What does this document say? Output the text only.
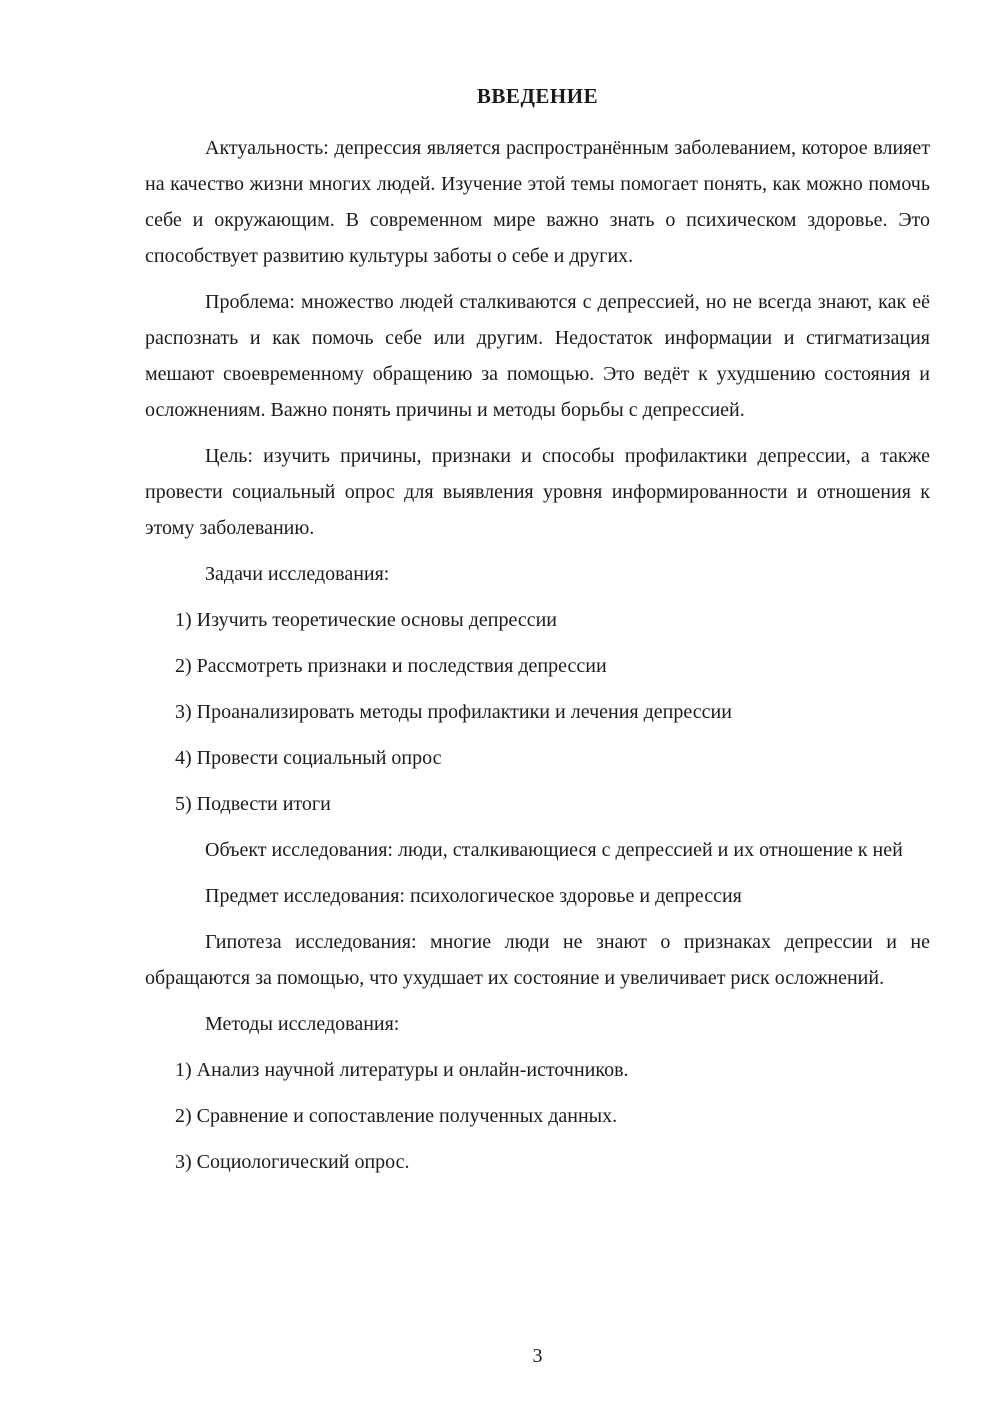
ВВЕДЕНИЕ

Актуальность: депрессия является распространённым заболеванием, которое влияет на качество жизни многих людей. Изучение этой темы помогает понять, как можно помочь себе и окружающим. В современном мире важно знать о психическом здоровье. Это способствует развитию культуры заботы о себе и других.

Проблема: множество людей сталкиваются с депрессией, но не всегда знают, как её распознать и как помочь себе или другим. Недостаток информации и стигматизация мешают своевременному обращению за помощью. Это ведёт к ухудшению состояния и осложнениям. Важно понять причины и методы борьбы с депрессией.

Цель: изучить причины, признаки и способы профилактики депрессии, а также провести социальный опрос для выявления уровня информированности и отношения к этому заболеванию.

Задачи исследования:

1) Изучить теоретические основы депрессии

2) Рассмотреть признаки и последствия депрессии

3) Проанализировать методы профилактики и лечения депрессии

4) Провести социальный опрос

5) Подвести итоги

Объект исследования: люди, сталкивающиеся с депрессией и их отношение к ней

Предмет исследования: психологическое здоровье и депрессия

Гипотеза исследования: многие люди не знают о признаках депрессии и не обращаются за помощью, что ухудшает их состояние и увеличивает риск осложнений.

Методы исследования:

1) Анализ научной литературы и онлайн-источников.

2) Сравнение и сопоставление полученных данных.

3) Социологический опрос.

3
